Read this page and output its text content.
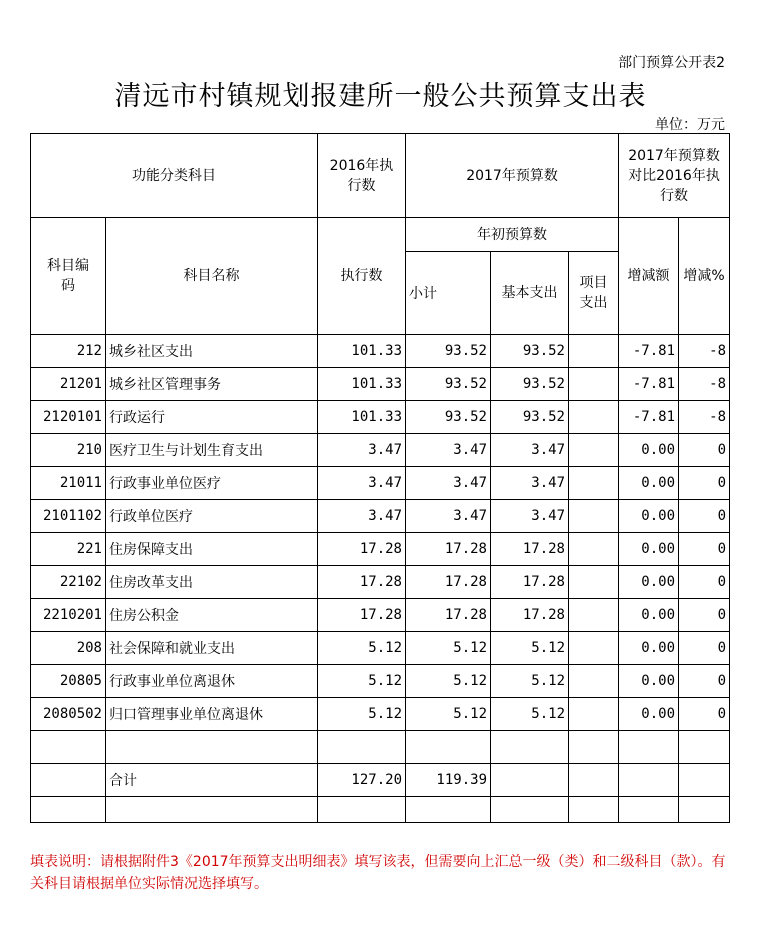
部门预算公开表2
清远市村镇规划报建所一般公共预算支出表
单位：万元
功能分类科目		2016年执行数	2017年预算数			2017年预算数对比2016年执行数	

科目编码	科目名称	执行数	年初预算数			增减额	增减%
			小计	基本支出	项目支出		

212	城乡社区支出	101.33	93.52	93.52		-7.81	-8
21201	城乡社区管理事务	101.33	93.52	93.52		-7.81	-8
2120101	行政运行	101.33	93.52	93.52		-7.81	-8
210	医疗卫生与计划生育支出	3.47	3.47	3.47		0.00	0
21011	行政事业单位医疗	3.47	3.47	3.47		0.00	0
2101102	行政单位医疗	3.47	3.47	3.47		0.00	0
221	住房保障支出	17.28	17.28	17.28		0.00	0
22102	住房改革支出	17.28	17.28	17.28		0.00	0
2210201	住房公积金	17.28	17.28	17.28		0.00	0
208	社会保障和就业支出	5.12	5.12	5.12		0.00	0
20805	行政事业单位离退休	5.12	5.12	5.12		0.00	0
2080502	归口管理事业单位离退休	5.12	5.12	5.12		0.00	0

	合计	127.20	119.39				

填表说明：请根据附件3《2017年预算支出明细表》填写该表，但需要向上汇总一级（类）和二级科目（款）。有关科目请根据单位实际情况选择填写。
